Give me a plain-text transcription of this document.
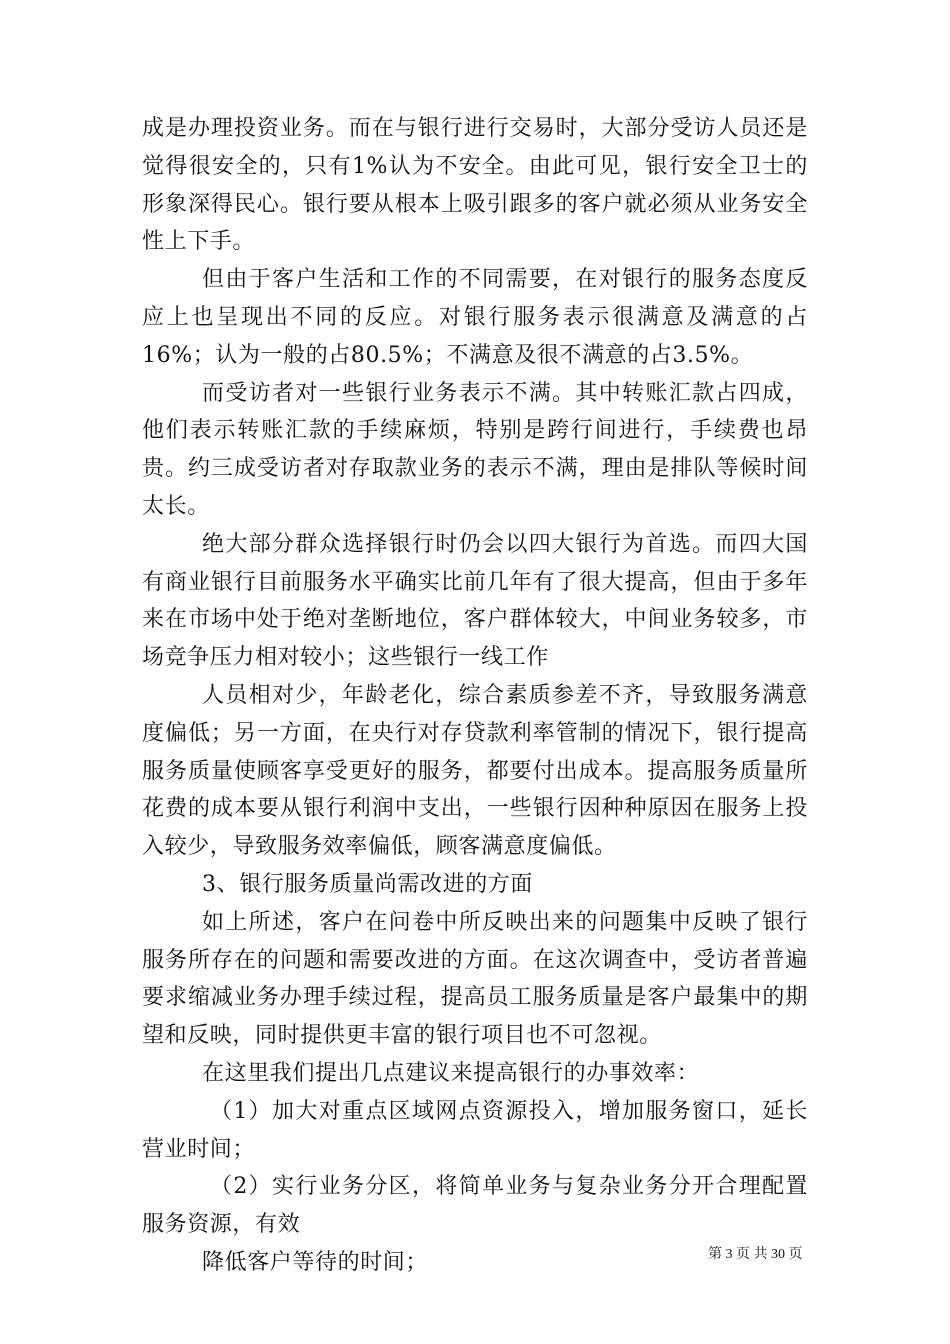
成是办理投资业务。而在与银行进行交易时，大部分受访人员还是觉得很安全的，只有1%认为不安全。由此可见，银行安全卫士的形象深得民心。银行要从根本上吸引跟多的客户就必须从业务安全性上下手。

但由于客户生活和工作的不同需要，在对银行的服务态度反应上也呈现出不同的反应。对银行服务表示很满意及满意的占16%；认为一般的占80.5%；不满意及很不满意的占3.5%。

而受访者对一些银行业务表示不满。其中转账汇款占四成，他们表示转账汇款的手续麻烦，特别是跨行间进行，手续费也昂贵。约三成受访者对存取款业务的表示不满，理由是排队等候时间太长。

绝大部分群众选择银行时仍会以四大银行为首选。而四大国有商业银行目前服务水平确实比前几年有了很大提高，但由于多年来在市场中处于绝对垄断地位，客户群体较大，中间业务较多，市场竞争压力相对较小；这些银行一线工作

人员相对少，年龄老化，综合素质参差不齐，导致服务满意度偏低；另一方面，在央行对存贷款利率管制的情况下，银行提高服务质量使顾客享受更好的服务，都要付出成本。提高服务质量所花费的成本要从银行利润中支出，一些银行因种种原因在服务上投入较少，导致服务效率偏低，顾客满意度偏低。

3、银行服务质量尚需改进的方面

如上所述，客户在问卷中所反映出来的问题集中反映了银行服务所存在的问题和需要改进的方面。在这次调查中，受访者普遍要求缩减业务办理手续过程，提高员工服务质量是客户最集中的期望和反映，同时提供更丰富的银行项目也不可忽视。

在这里我们提出几点建议来提高银行的办事效率：

（1）加大对重点区域网点资源投入，增加服务窗口，延长营业时间；

（2）实行业务分区，将简单业务与复杂业务分开合理配置服务资源，有效

降低客户等待的时间；	第 3 页 共 30 页
